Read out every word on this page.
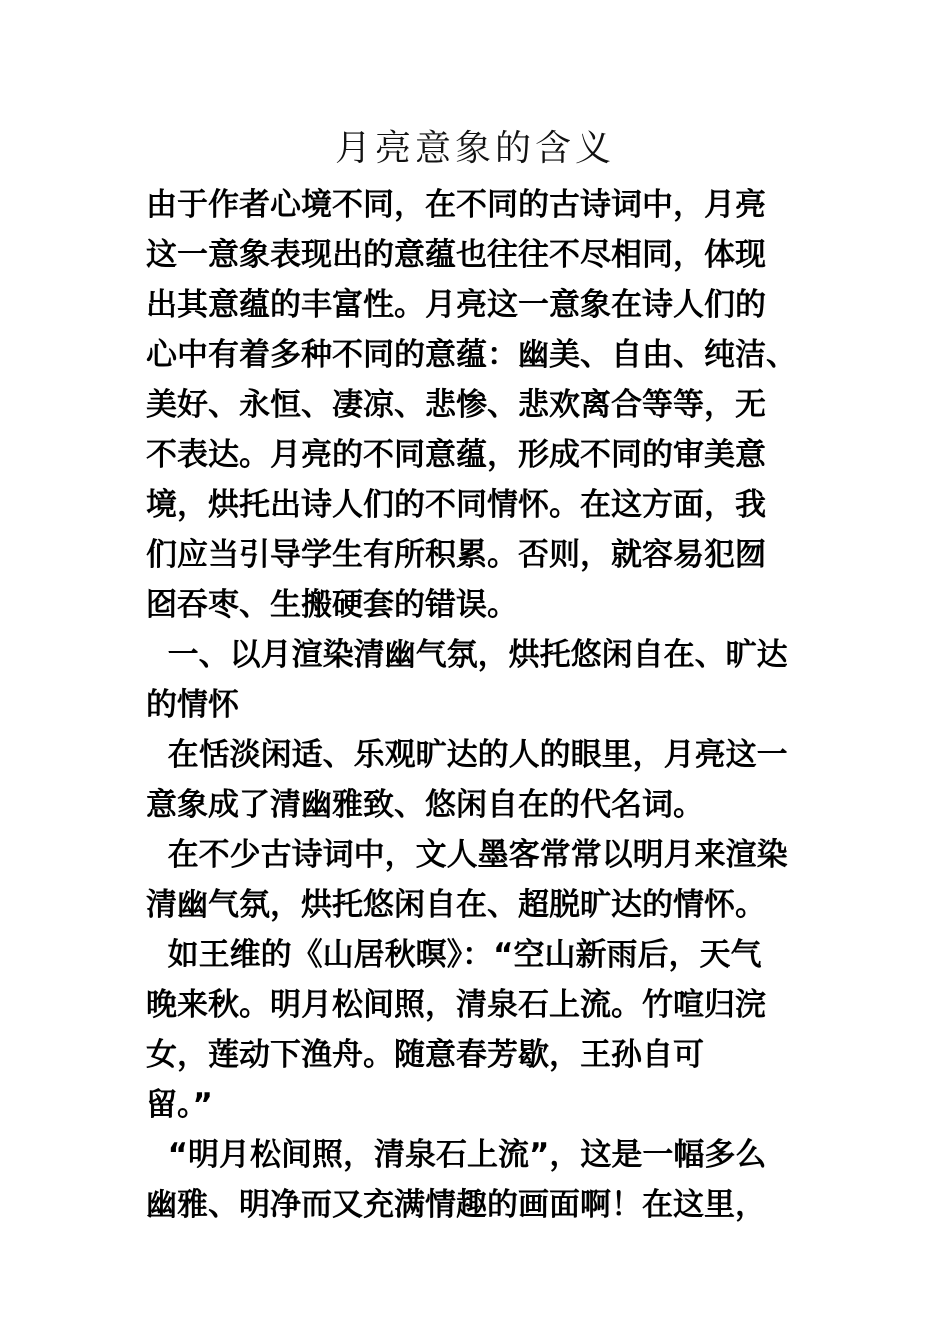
月亮意象的含义
由于作者心境不同，在不同的古诗词中，月亮
这一意象表现出的意蕴也往往不尽相同，体现
出其意蕴的丰富性。月亮这一意象在诗人们的
心中有着多种不同的意蕴：幽美、自由、纯洁、
美好、永恒、凄凉、悲惨、悲欢离合等等，无
不表达。月亮的不同意蕴，形成不同的审美意
境，烘托出诗人们的不同情怀。在这方面，我
们应当引导学生有所积累。否则，就容易犯囫
囵吞枣、生搬硬套的错误。
一、以月渲染清幽气氛，烘托悠闲自在、旷达
的情怀
在恬淡闲适、乐观旷达的人的眼里，月亮这一
意象成了清幽雅致、悠闲自在的代名词。
在不少古诗词中，文人墨客常常以明月来渲染
清幽气氛，烘托悠闲自在、超脱旷达的情怀。
如王维的《山居秋暝》：“空山新雨后，天气
晚来秋。明月松间照，清泉石上流。竹喧归浣
女，莲动下渔舟。随意春芳歇，王孙自可
留。”
“明月松间照，清泉石上流”，这是一幅多么
幽雅、明净而又充满情趣的画面啊！在这里，
